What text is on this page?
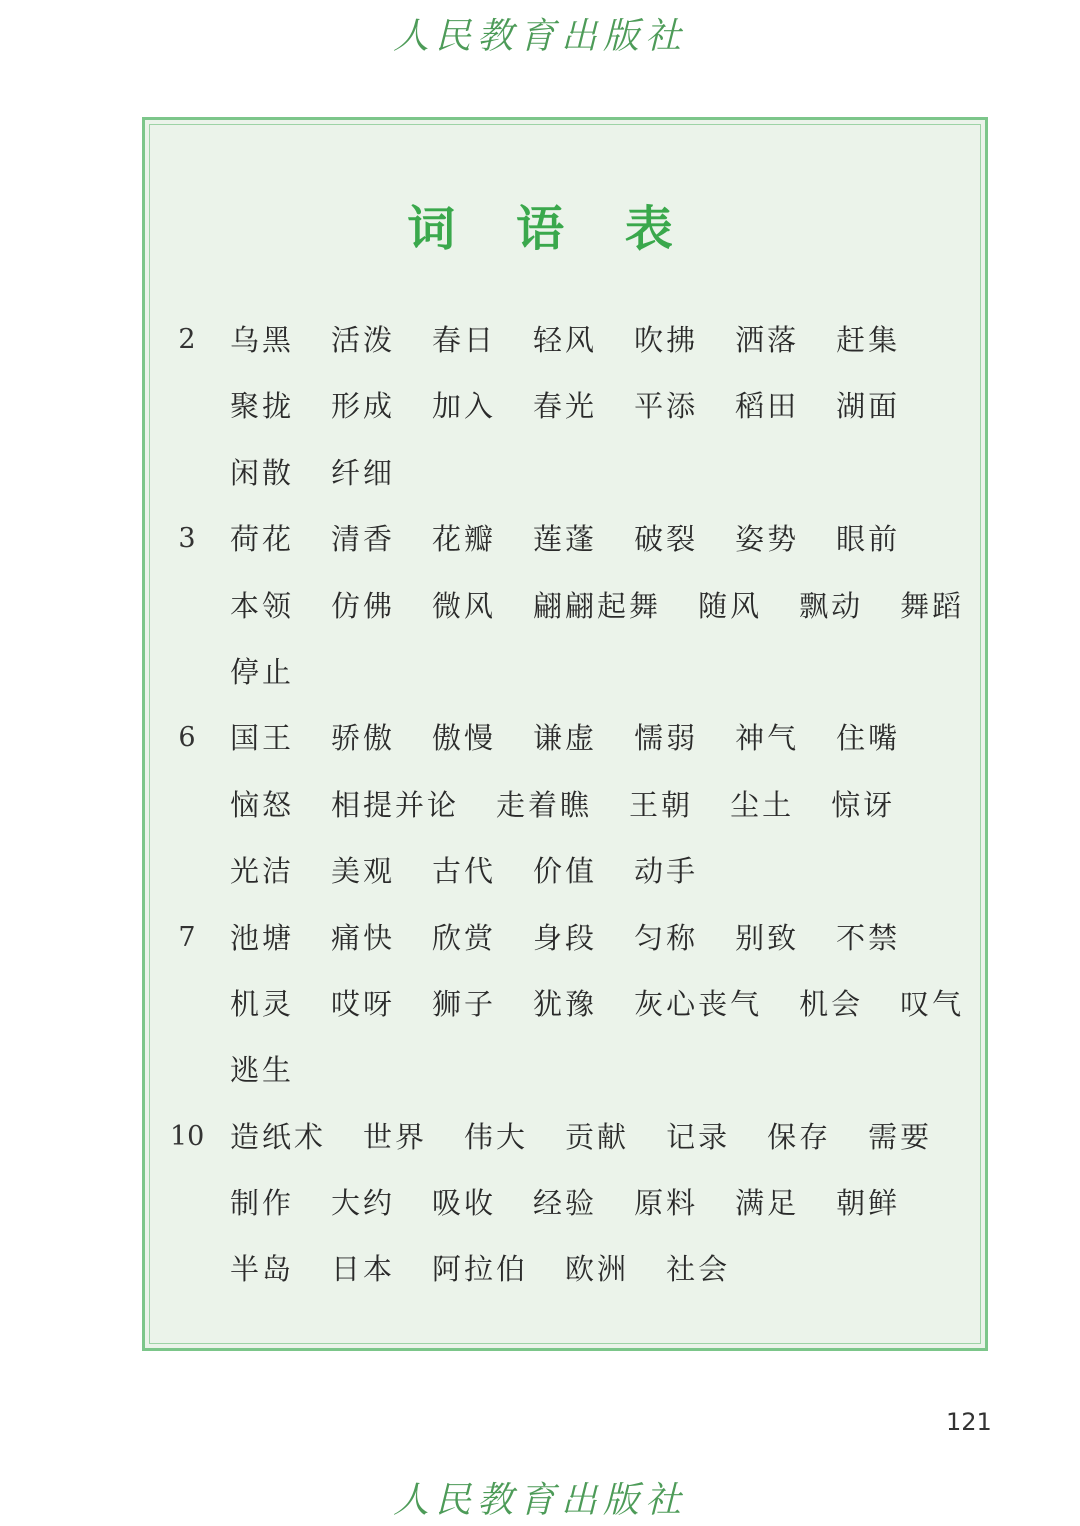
人民教育出版社
词 语 表
2 乌黑 活泼 春日 轻风 吹拂 洒落 赶集
聚拢 形成 加入 春光 平添 稻田 湖面
闲散 纤细
3 荷花 清香 花瓣 莲蓬 破裂 姿势 眼前
本领 仿佛 微风 翩翩起舞 随风 飘动 舞蹈
停止
6 国王 骄傲 傲慢 谦虚 懦弱 神气 住嘴
恼怒 相提并论 走着瞧 王朝 尘土 惊讶
光洁 美观 古代 价值 动手
7 池塘 痛快 欣赏 身段 匀称 别致 不禁
机灵 哎呀 狮子 犹豫 灰心丧气 机会 叹气
逃生
10 造纸术 世界 伟大 贡献 记录 保存 需要
制作 大约 吸收 经验 原料 满足 朝鲜
半岛 日本 阿拉伯 欧洲 社会
121
人民教育出版社
